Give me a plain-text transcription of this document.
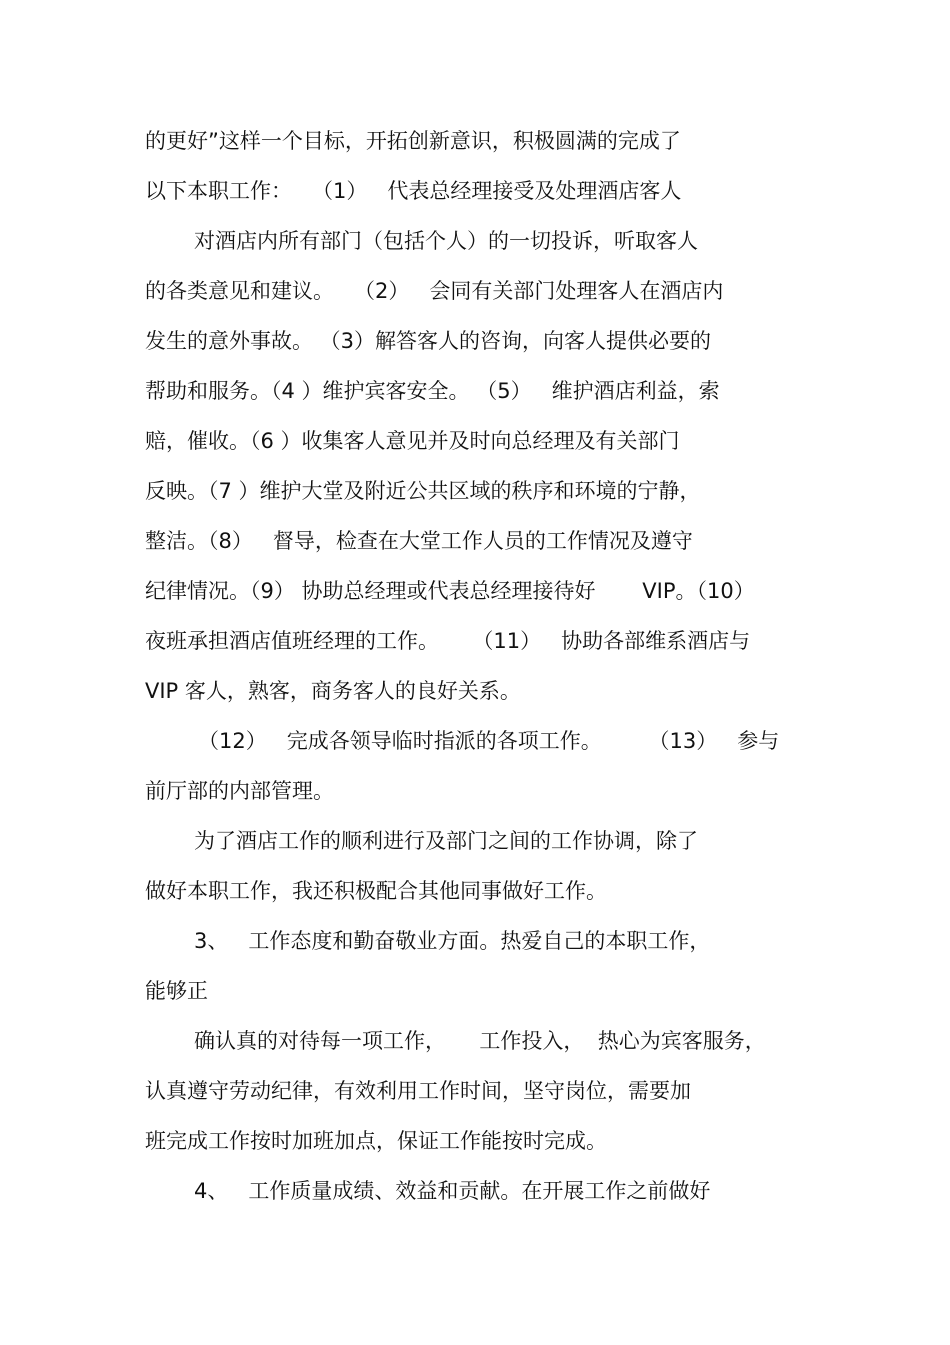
的更好”这样一个目标，开拓创新意识，积极圆满的完成了
以下本职工作：   （1）   代表总经理接受及处理酒店客人
对酒店内所有部门（包括个人）的一切投诉，听取客人
的各类意见和建议。   （2）   会同有关部门处理客人在酒店内
发生的意外事故。 （3）解答客人的咨询，向客人提供必要的
帮助和服务。（4 ）维护宾客安全。 （5）   维护酒店利益，索
赔，催收。（6 ）收集客人意见并及时向总经理及有关部门
反映。（7 ）维护大堂及附近公共区域的秩序和环境的宁静，
整洁。（8）   督导，检查在大堂工作人员的工作情况及遵守
纪律情况。（9） 协助总经理或代表总经理接待好       VIP。（10）
夜班承担酒店值班经理的工作。     （11）   协助各部维系酒店与
VIP 客人，熟客，商务客人的良好关系。
（12）   完成各领导临时指派的各项工作。       （13）   参与
前厅部的内部管理。
为了酒店工作的顺利进行及部门之间的工作协调，除了
做好本职工作，我还积极配合其他同事做好工作。
3、   工作态度和勤奋敬业方面。热爱自己的本职工作，
能够正
确认真的对待每一项工作，     工作投入，  热心为宾客服务，
认真遵守劳动纪律，有效利用工作时间，坚守岗位，需要加
班完成工作按时加班加点，保证工作能按时完成。
4、   工作质量成绩、效益和贡献。在开展工作之前做好
